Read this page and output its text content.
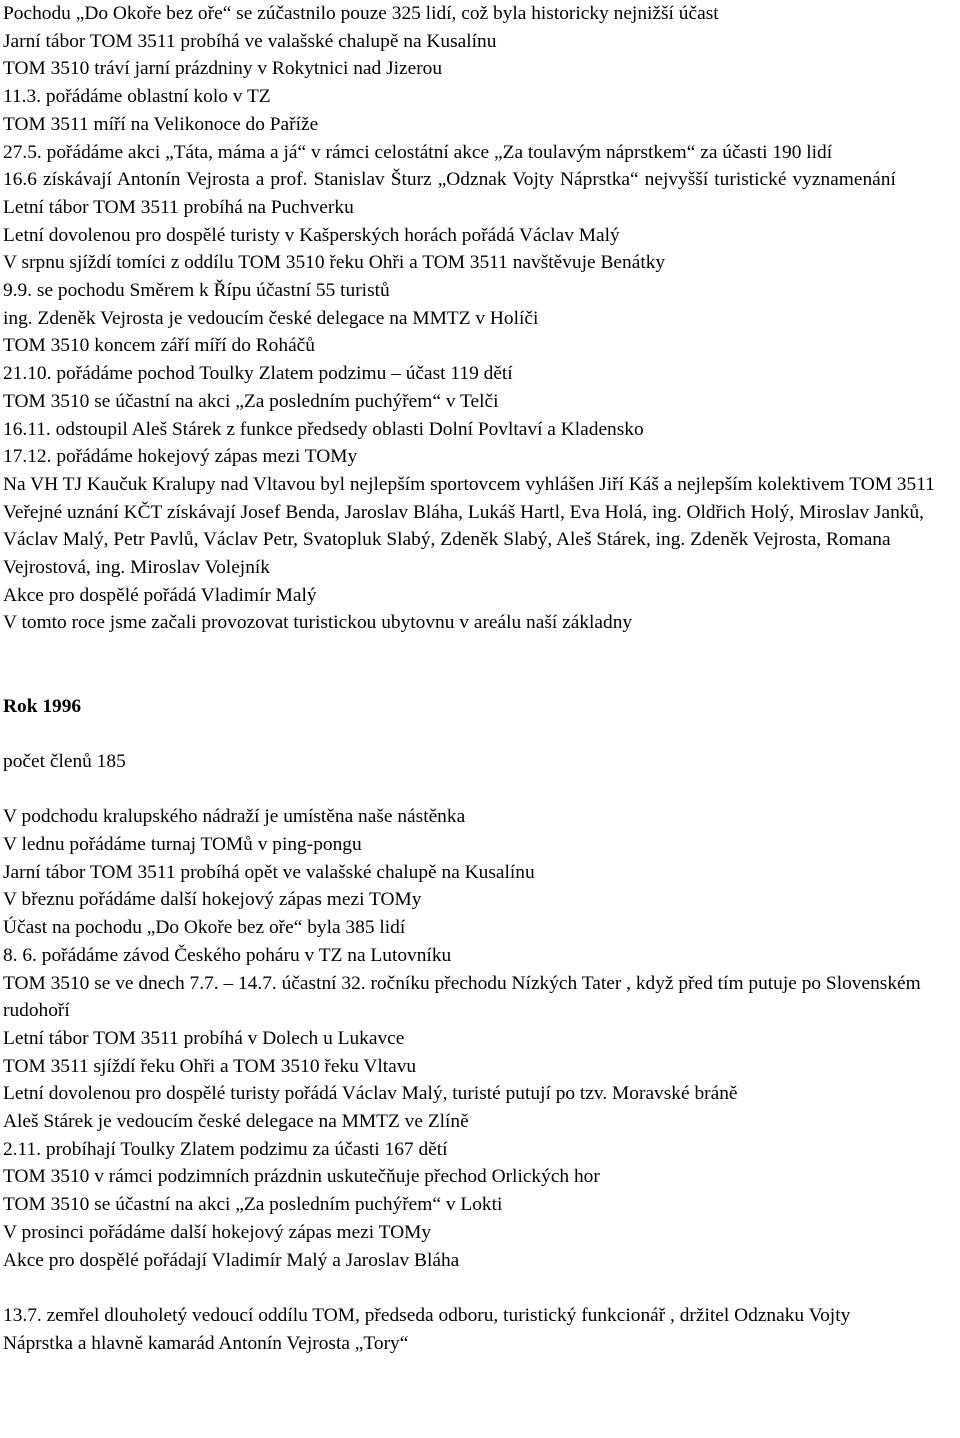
Pochodu „Do Okoře bez oře“ se zúčastnilo pouze 325 lidí, což byla historicky nejnižší účast

Jarní tábor TOM 3511 probíhá ve valašské chalupě na Kusalínu

TOM 3510 tráví jarní prázdniny v Rokytnici nad Jizerou

11.3. pořádáme oblastní kolo v TZ

TOM 3511 míří na Velikonoce do Paříže

27.5. pořádáme akci „Táta, máma a já“ v rámci celostátní akce „Za toulavým náprstkem“ za účasti 190 lidí

16.6 získávají Antonín Vejrosta a prof. Stanislav Šturz „Odznak Vojty Náprstka“ nejvyšší turistické vyznamenání

Letní tábor TOM 3511 probíhá na Puchverku

Letní dovolenou pro dospělé turisty v Kašperských horách pořádá Václav Malý

V srpnu sjíždí tomíci z oddílu TOM 3510 řeku Ohři a TOM 3511 navštěvuje Benátky

9.9. se pochodu Směrem k Řípu účastní 55 turistů

ing. Zdeněk Vejrosta je vedoucím české delegace na MMTZ v Holíči

TOM 3510 koncem září míří do Roháčů

21.10. pořádáme pochod Toulky Zlatem podzimu – účast 119 dětí

TOM 3510 se účastní na akci „Za posledním puchýřem“ v Telči

16.11. odstoupil Aleš Stárek z funkce předsedy oblasti Dolní Povltaví a Kladensko

17.12. pořádáme hokejový zápas mezi TOMy

Na VH TJ Kaučuk Kralupy nad Vltavou byl nejlepším sportovcem vyhlášen Jiří Káš a nejlepším kolektivem TOM 3511

Veřejné uznání KČT získávají Josef Benda, Jaroslav Bláha, Lukáš Hartl, Eva Holá, ing. Oldřich Holý, Miroslav Janků, Václav Malý, Petr Pavlů, Václav Petr, Svatopluk Slabý, Zdeněk Slabý, Aleš Stárek, ing. Zdeněk Vejrosta, Romana Vejrostová, ing. Miroslav Volejník

Akce pro dospělé pořádá Vladimír Malý

V tomto roce jsme začali provozovat turistickou ubytovnu v areálu naší základny

Rok 1996

počet členů 185

V podchodu kralupského nádraží je umístěna naše nástěnka

V lednu pořádáme turnaj TOMů v ping-pongu

Jarní tábor TOM 3511 probíhá opět ve valašské chalupě na Kusalínu

V březnu pořádáme další hokejový zápas mezi TOMy

Účast na pochodu „Do Okoře bez oře“ byla 385 lidí

8. 6. pořádáme závod Českého poháru v TZ na Lutovníku

TOM 3510 se ve dnech 7.7. – 14.7. účastní 32. ročníku přechodu Nízkých Tater , když před tím putuje po Slovenském rudohoří

Letní tábor TOM 3511 probíhá v Dolech u Lukavce

TOM 3511 sjíždí řeku Ohři a TOM 3510 řeku Vltavu

Letní dovolenou pro dospělé turisty pořádá Václav Malý, turisté putují po tzv. Moravské bráně

Aleš Stárek je vedoucím české delegace na MMTZ ve Zlíně

2.11. probíhají Toulky Zlatem podzimu za účasti 167 dětí

TOM 3510 v rámci podzimních prázdnin uskutečňuje přechod Orlických hor

TOM 3510 se účastní na akci „Za posledním puchýřem“ v Lokti

V prosinci pořádáme další hokejový zápas mezi TOMy

Akce pro dospělé pořádají Vladimír Malý a Jaroslav Bláha

13.7. zemřel dlouholetý vedoucí oddílu TOM, předseda odboru, turistický funkcionář , držitel Odznaku Vojty Náprstka a hlavně kamarád Antonín Vejrosta „Tory“
